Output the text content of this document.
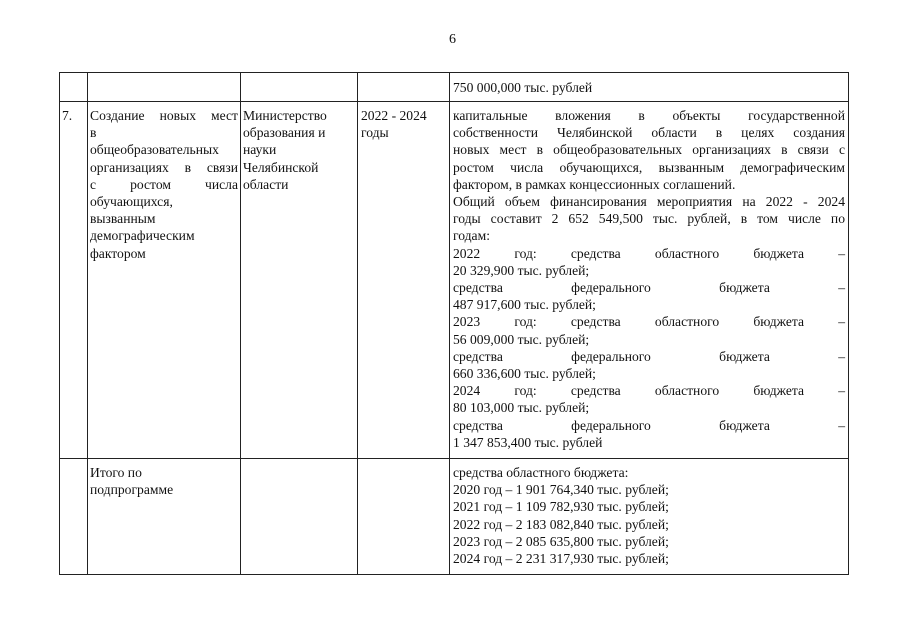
6
750 000,000 тыс. рублей
7. Создание новых мест
в
общеобразовательных
организациях в связи
с ростом числа
обучающихся,
вызванным
демографическим
фактором
Министерство
образования и
науки
Челябинской
области
2022 - 2024
годы
капитальные вложения в объекты государственной
собственности Челябинской области в целях создания
новых мест в общеобразовательных организациях в связи с
ростом числа обучающихся, вызванным демографическим
фактором, в рамках концессионных соглашений.
Общий объем финансирования мероприятия на 2022 - 2024
годы составит 2 652 549,500 тыс. рублей, в том числе по
годам:
2022 год: средства областного бюджета –
20 329,900 тыс. рублей;
средства федерального бюджета –
487 917,600 тыс. рублей;
2023 год: средства областного бюджета –
56 009,000 тыс. рублей;
средства федерального бюджета –
660 336,600 тыс. рублей;
2024 год: средства областного бюджета –
80 103,000 тыс. рублей;
средства федерального бюджета –
1 347 853,400 тыс. рублей
Итого по
подпрограмме
средства областного бюджета:
2020 год – 1 901 764,340 тыс. рублей;
2021 год – 1 109 782,930 тыс. рублей;
2022 год – 2 183 082,840 тыс. рублей;
2023 год – 2 085 635,800 тыс. рублей;
2024 год – 2 231 317,930 тыс. рублей;
